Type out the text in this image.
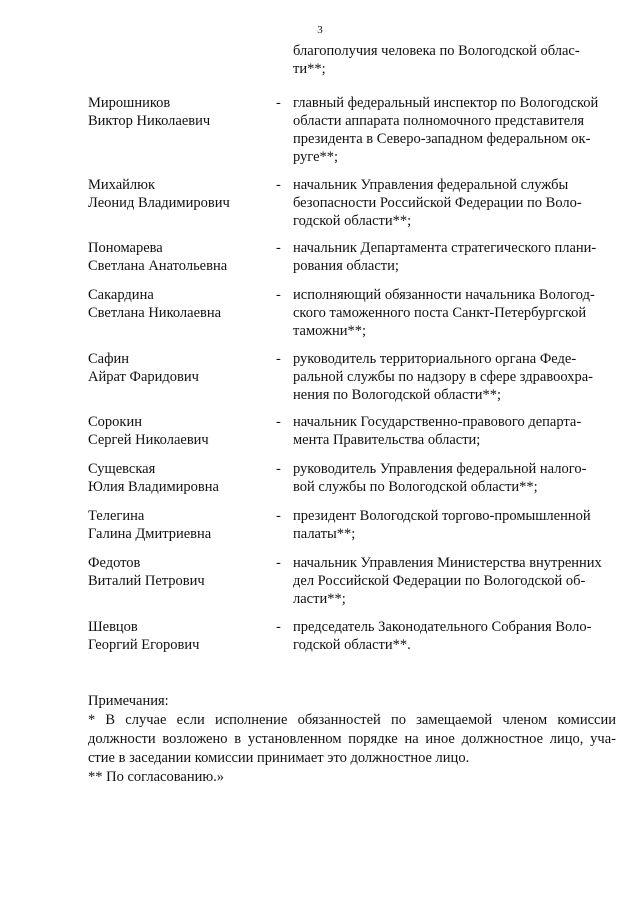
3
благополучия человека по Вологодской облас-
ти**;
Мирошников
Виктор Николаевич
- главный федеральный инспектор по Вологодской
области аппарата полномочного представителя
президента в Северо-западном федеральном ок-
руге**;
Михайлюк
Леонид Владимирович
- начальник Управления федеральной службы
безопасности Российской Федерации по Воло-
годской области**;
Пономарева
Светлана Анатольевна
- начальник Департамента стратегического плани-
рования области;
Сакардина
Светлана Николаевна
- исполняющий обязанности начальника Вологод-
ского таможенного поста Санкт-Петербургской
таможни**;
Сафин
Айрат Фаридович
- руководитель территориального органа Феде-
ральной службы по надзору в сфере здравоохра-
нения по Вологодской области**;
Сорокин
Сергей Николаевич
- начальник Государственно-правового департа-
мента Правительства области;
Сущевская
Юлия Владимировна
- руководитель Управления федеральной налого-
вой службы по Вологодской области**;
Телегина
Галина Дмитриевна
- президент Вологодской торгово-промышленной
палаты**;
Федотов
Виталий Петрович
- начальник Управления Министерства внутренних
дел Российской Федерации по Вологодской об-
ласти**;
Шевцов
Георгий Егорович
- председатель Законодательного Собрания Воло-
годской области**.
Примечания:
* В случае если исполнение обязанностей по замещаемой членом комиссии
должности возложено в установленном порядке на иное должностное лицо, уча-
стие в заседании комиссии принимает это должностное лицо.
** По согласованию.»
